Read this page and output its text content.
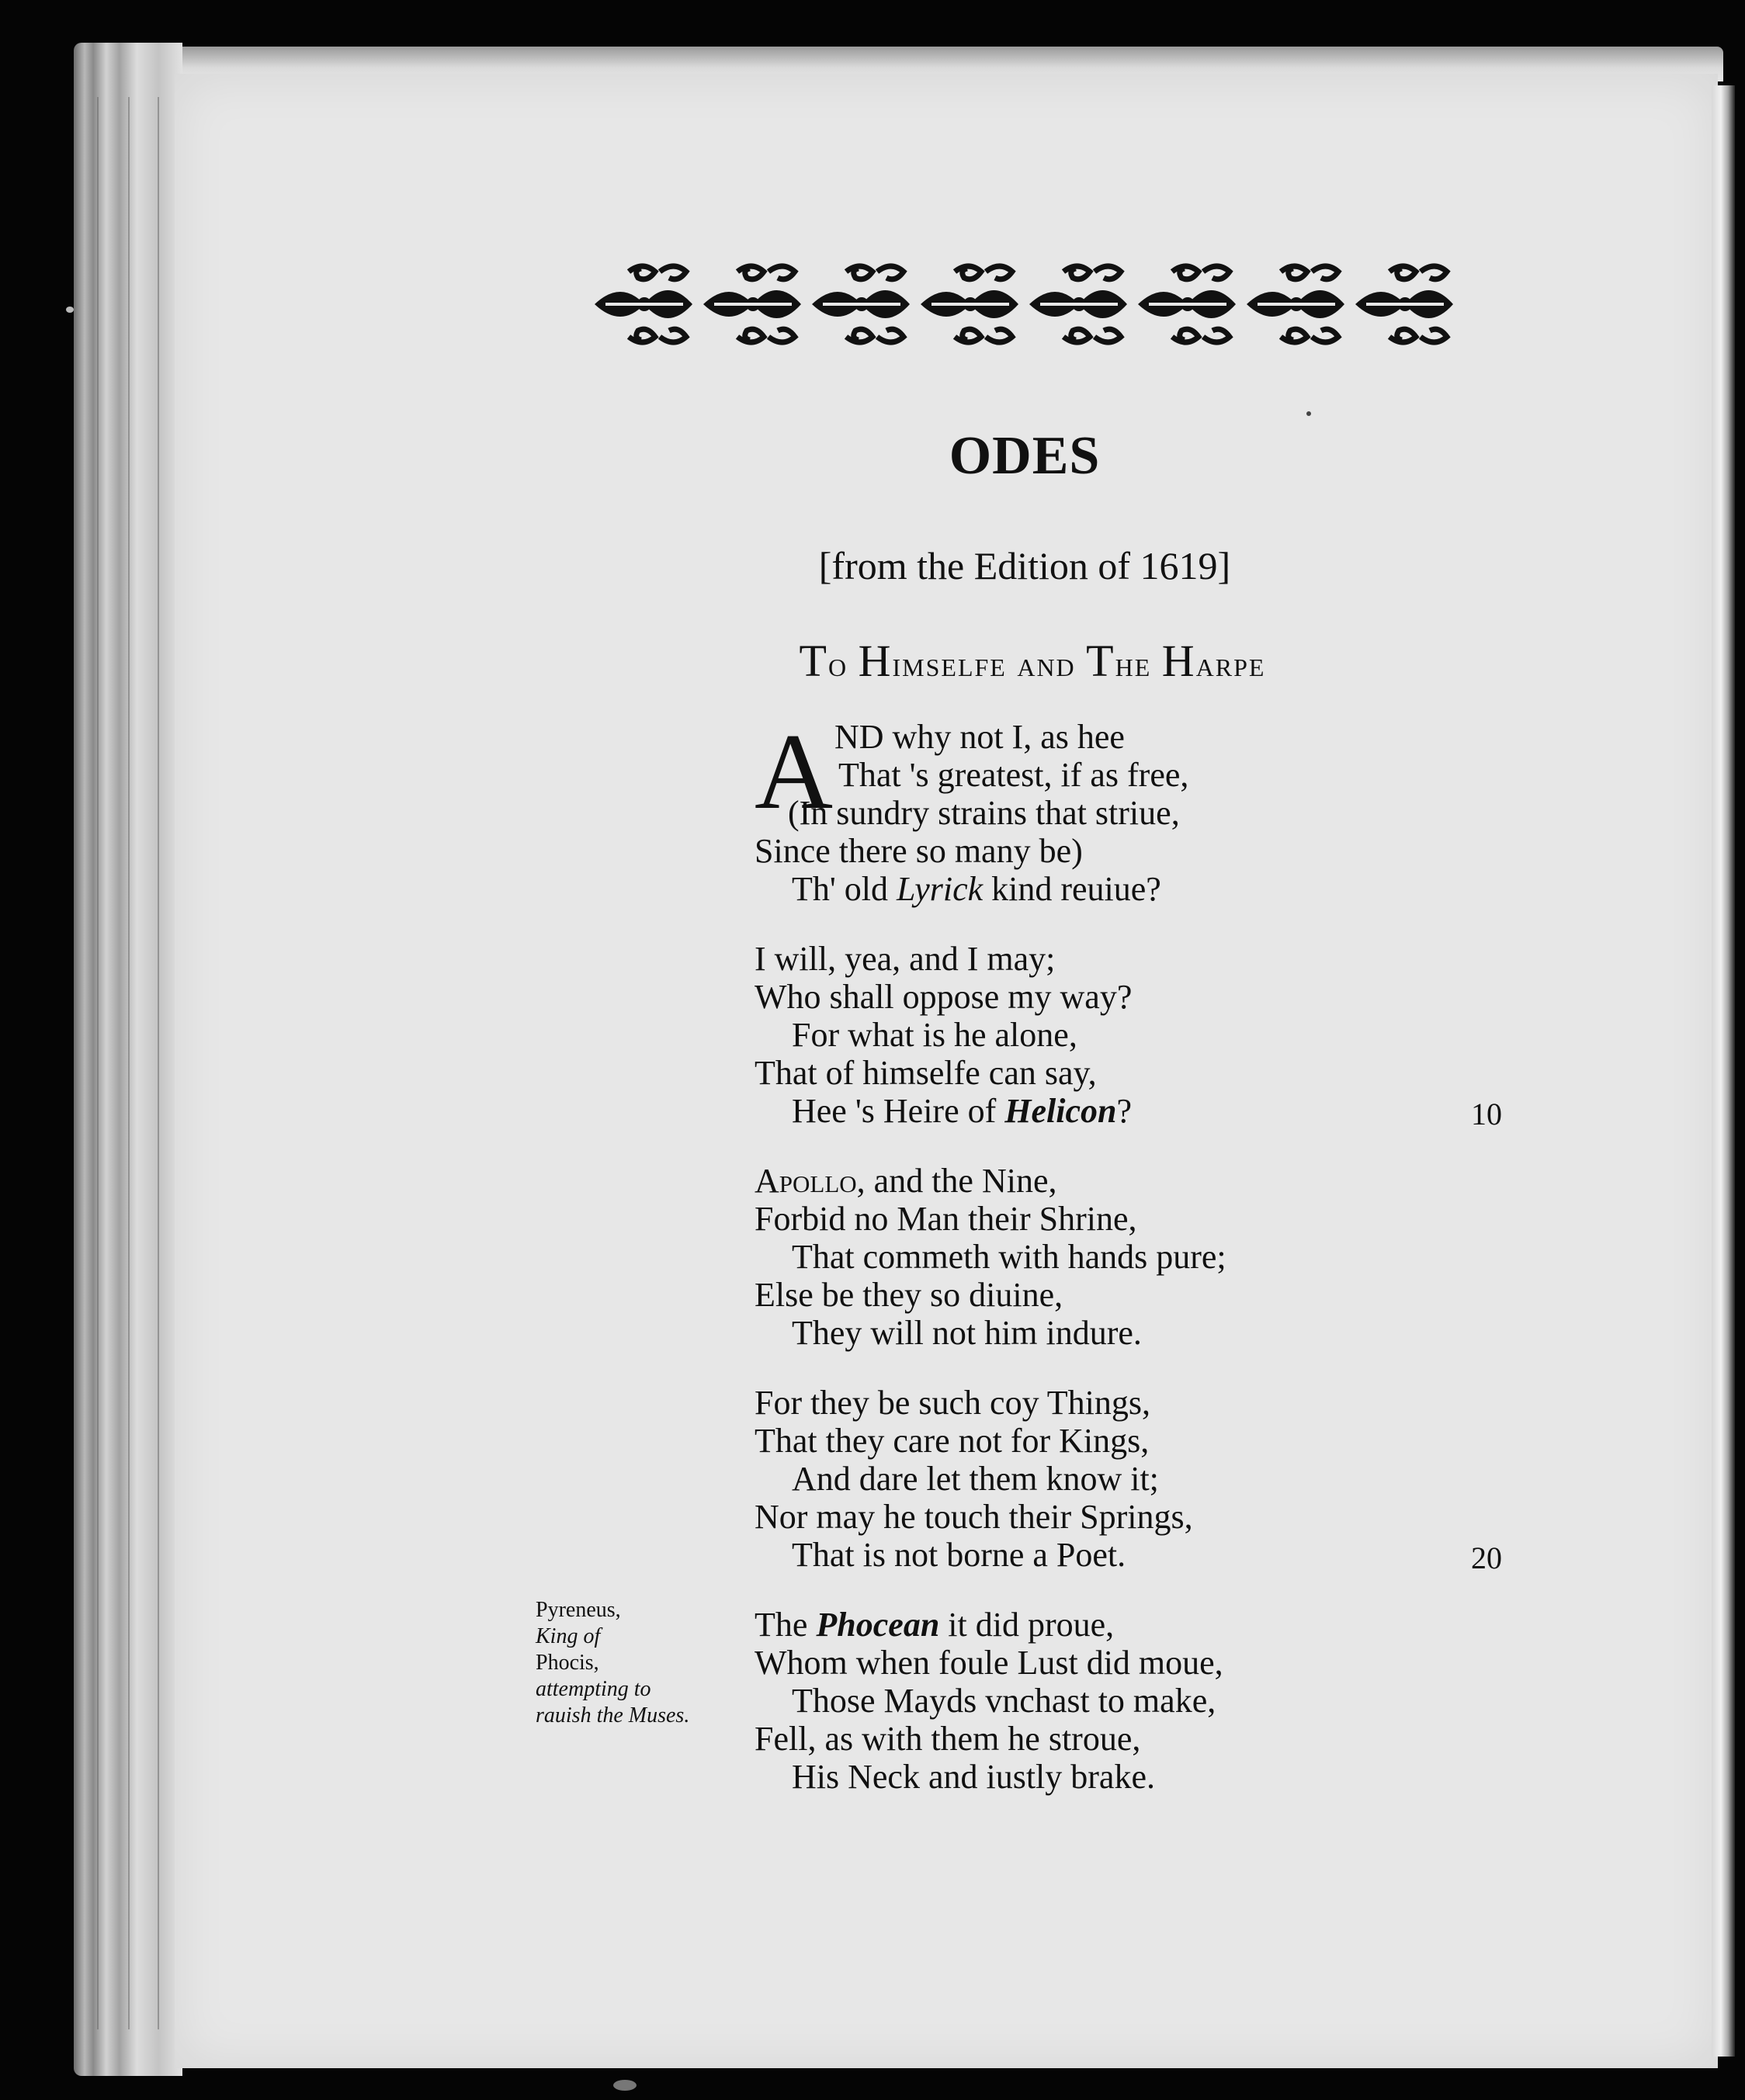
ODES
[from the Edition of 1619]
To Himselfe and The Harpe
A ND why not I, as hee
That 's greatest, if as free,
(In sundry strains that striue,
Since there so many be)
Th' old Lyrick kind reuiue?
I will, yea, and I may;
Who shall oppose my way?
For what is he alone,
That of himselfe can say,
Hee 's Heire of Helicon?	10
Apollo, and the Nine,
Forbid no Man their Shrine,
That commeth with hands pure;
Else be they so diuine,
They will not him indure.
For they be such coy Things,
That they care not for Kings,
And dare let them know it;
Nor may he touch their Springs,
That is not borne a Poet.	20
The Phocean it did proue,
Whom when foule Lust did moue,
Those Mayds vnchast to make,
Fell, as with them he stroue,
His Neck and iustly brake.
Pyreneus,
King of
Phocis,
attempting to
rauish the Muses.
